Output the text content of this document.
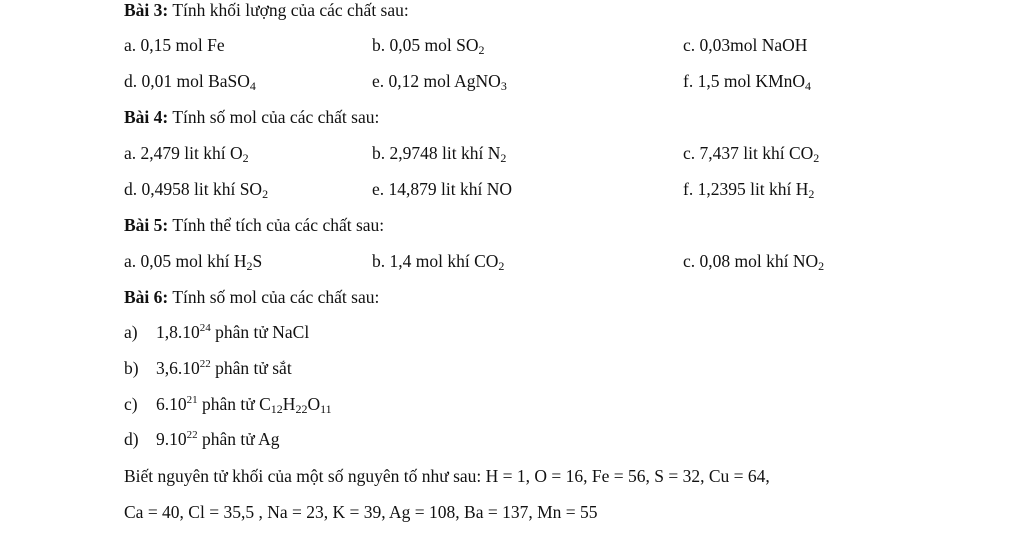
Bài 3: Tính khối lượng của các chất sau:
a. 0,15 mol Fe	b. 0,05 mol $SO_2$	c. 0,03mol NaOH
d. 0,01 mol BaSO$_4$	e. 0,12 mol AgNO$_3$	f. 1,5 mol KMnO$_4$
Bài 4: Tính số mol của các chất sau:
a. 2,479 lit khí $O_2$	b. 2,9748 lit khí $N_2$	c. 7,437 lit khí $CO_2$
d. 0,4958 lit khí $SO_2$	e. 14,879 lit khí NO	f. 1,2395 lit khí $H_2$
Bài 5: Tính thể tích của các chất sau:
a. 0,05 mol khí $H_2S$	b. 1,4 mol khí $CO_2$	c. 0,08 mol khí $NO_2$
Bài 6: Tính số mol của các chất sau:
a) 1,8.10$^{24}$ phân tử NaCl
b) 3,6.10$^{22}$ phân tử sắt
c) 6.10$^{21}$ phân tử $C_{12}H_{22}O_{11}$
d) 9.10$^{22}$ phân tử Ag
Biết nguyên tử khối của một số nguyên tố như sau: H = 1, O = 16, Fe = 56, S = 32, Cu = 64,
Ca = 40, Cl = 35,5 , Na = 23, K = 39, Ag = 108, Ba = 137, Mn = 55
